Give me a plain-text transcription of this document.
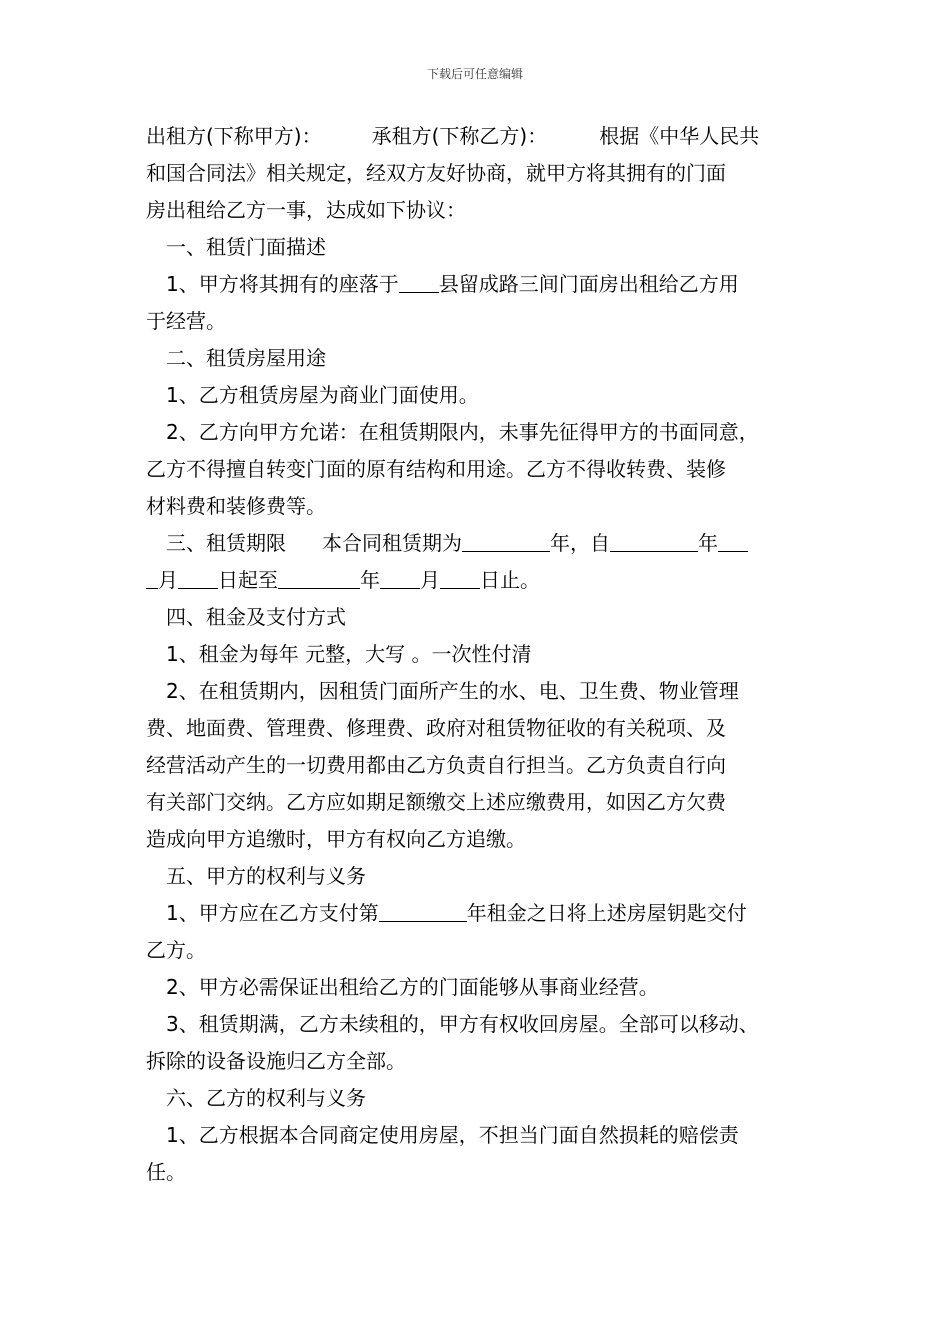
下载后可任意编辑
出租方(下称甲方)：	承租方(下称乙方)：	根据《中华人民共
和国合同法》相关规定，经双方友好协商，就甲方将其拥有的门面
房出租给乙方一事，达成如下协议：
一、租赁门面描述
1、甲方将其拥有的座落于 县留成路三间门面房出租给乙方用
于经营。
二、租赁房屋用途
1、乙方租赁房屋为商业门面使用。
2、乙方向甲方允诺：在租赁期限内，未事先征得甲方的书面同意，
乙方不得擅自转变门面的原有结构和用途。乙方不得收转费、装修
材料费和装修费等。
三、租赁期限 本合同租赁期为	年，自	年
月 日起至	年 月 日止。
四、租金及支付方式
1、租金为每年 元整，大写 。一次性付清
2、在租赁期内，因租赁门面所产生的水、电、卫生费、物业管理
费、地面费、管理费、修理费、政府对租赁物征收的有关税项、及
经营活动产生的一切费用都由乙方负责自行担当。乙方负责自行向
有关部门交纳。乙方应如期足额缴交上述应缴费用，如因乙方欠费
造成向甲方追缴时，甲方有权向乙方追缴。
五、甲方的权利与义务
1、甲方应在乙方支付第	年租金之日将上述房屋钥匙交付
乙方。
2、甲方必需保证出租给乙方的门面能够从事商业经营。
3、租赁期满，乙方未续租的，甲方有权收回房屋。全部可以移动、
拆除的设备设施归乙方全部。
六、乙方的权利与义务
1、乙方根据本合同商定使用房屋，不担当门面自然损耗的赔偿责
任。
